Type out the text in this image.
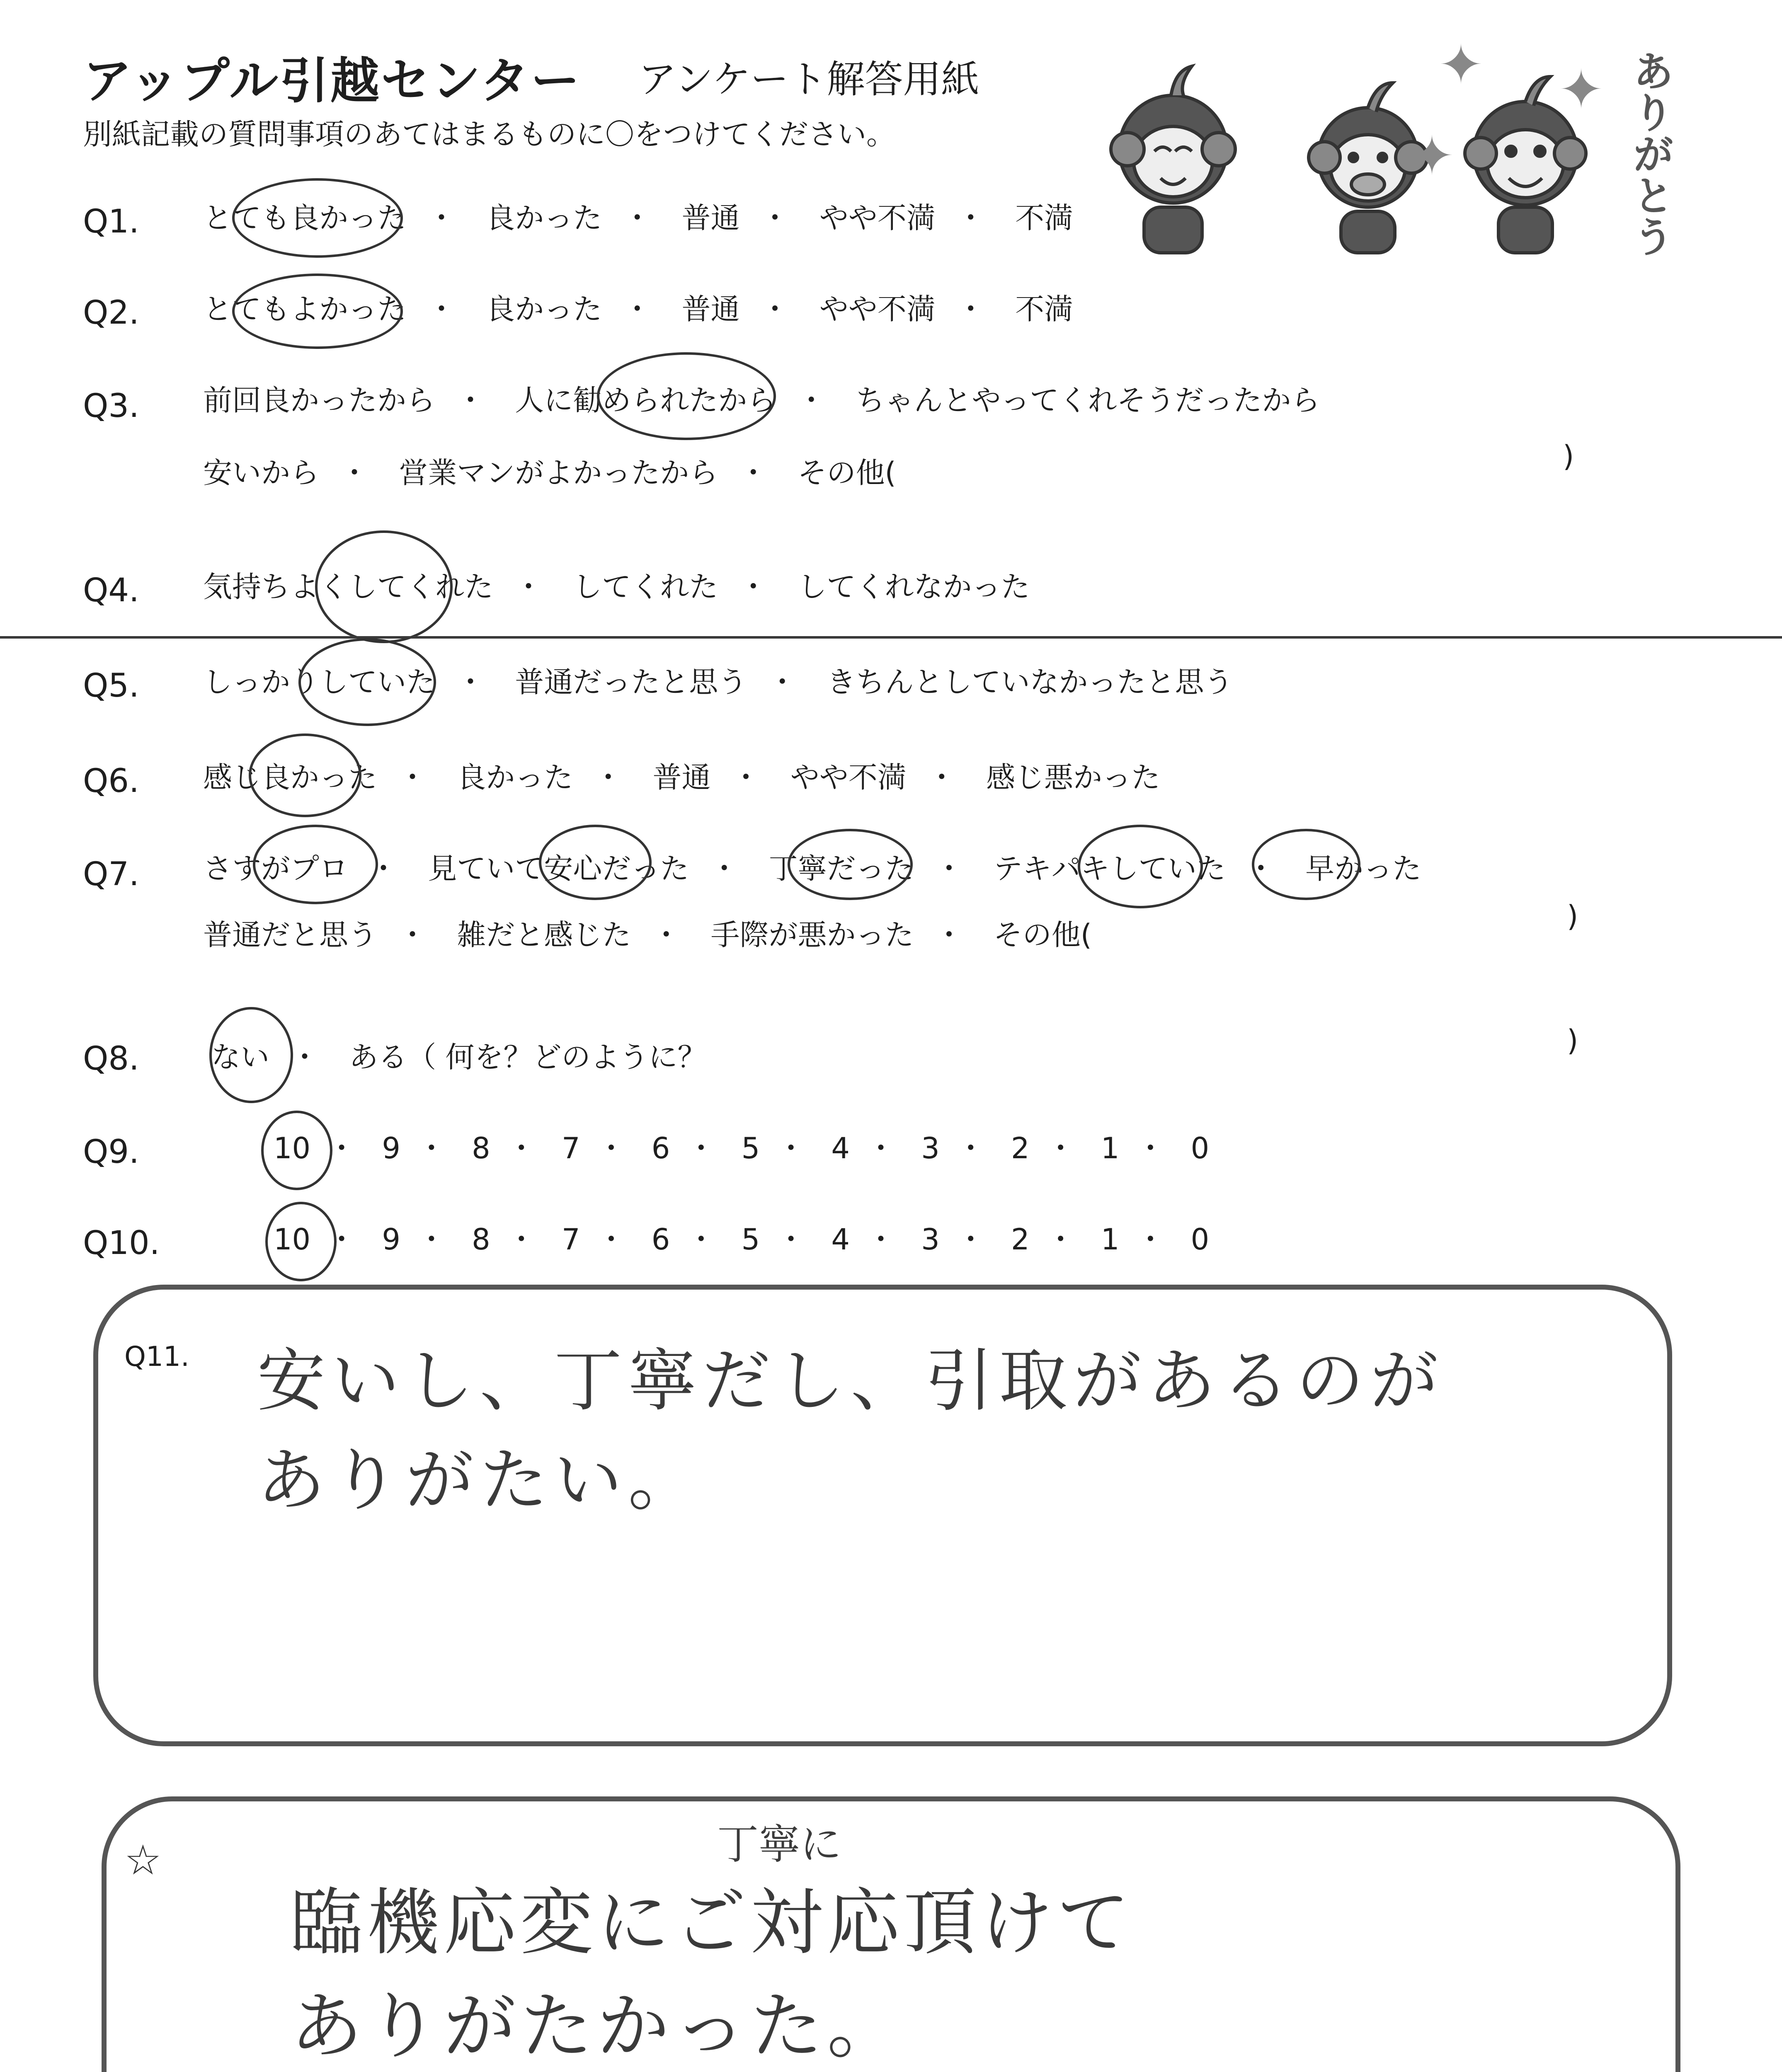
アップル引越センター アンケート解答用紙
別紙記載の質問事項のあてはまるものに〇をつけてください。	ありがとう
✦
✦
✦
Q1. とても良かった ・ 良かった ・ 普通 ・ やや不満 ・ 不満
Q2. とてもよかった ・ 良かった ・ 普通 ・ やや不満 ・ 不満
Q3. 前回良かったから ・ 人に勧められたから ・ ちゃんとやってくれそうだったから
安いから ・ 営業マンがよかったから ・ その他(	)
Q4. 気持ちよくしてくれた ・ してくれた ・ してくれなかった
Q5. しっかりしていた ・ 普通だったと思う ・ きちんとしていなかったと思う
Q6. 感じ良かった ・ 良かった ・ 普通 ・ やや不満 ・ 感じ悪かった
Q7. さすがプロ ・ 見ていて安心だった ・ 丁寧だった ・ テキパキしていた ・ 早かった
普通だと思う ・ 雑だと感じた ・ 手際が悪かった ・ その他(
)
Q8. ない ・ ある（ 何を？どのように？	)
Q9.	10 ・ 9 ・ 8 ・ 7 ・ 6 ・ 5 ・ 4 ・ 3 ・ 2 ・ 1 ・ 0
Q10.	10 ・ 9 ・ 8 ・ 7 ・ 6 ・ 5 ・ 4 ・ 3 ・ 2 ・ 1 ・ 0
Q11. 安いし、丁寧だし、引取があるのが
ありがたい。
☆	丁寧に
臨機応変にご対応頂けて
ありがたかった。
